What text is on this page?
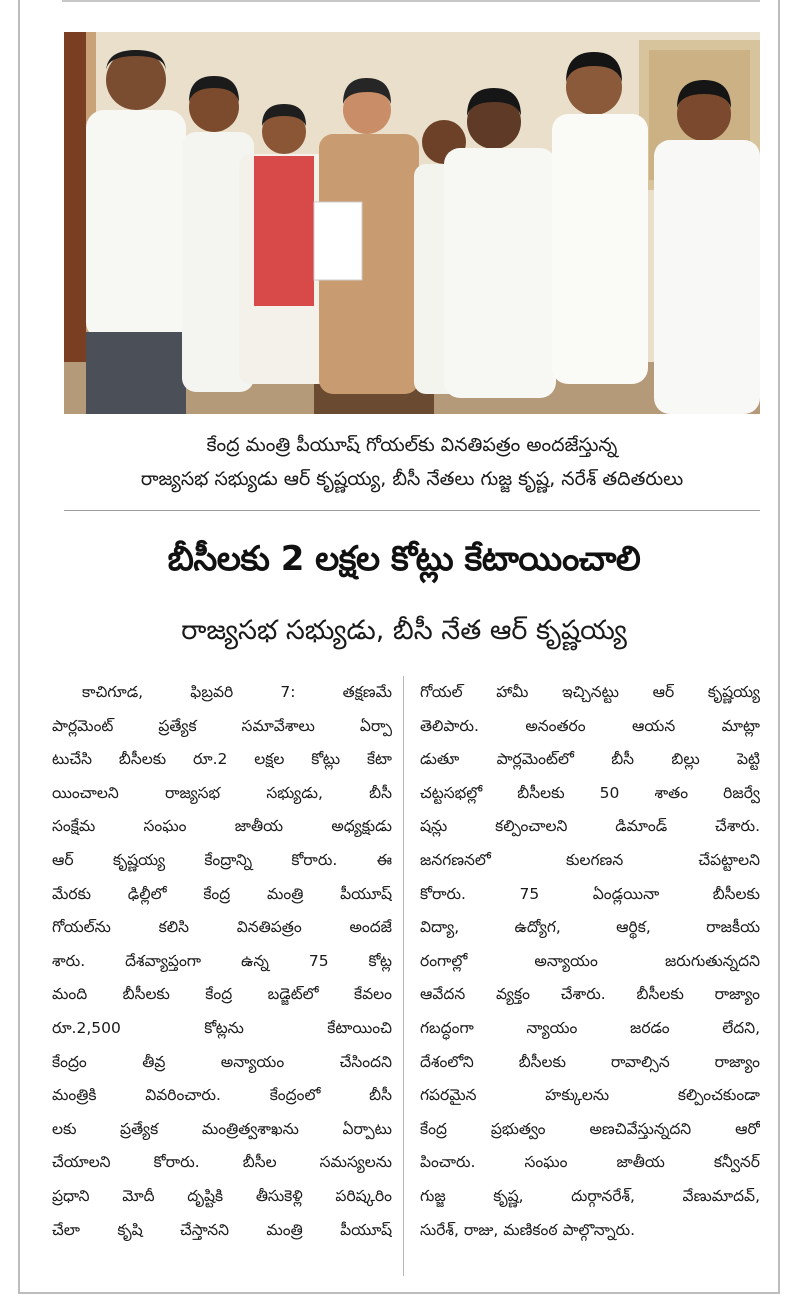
కేంద్ర మంత్రి పీయూష్ గోయల్‌కు వినతిపత్రం అందజేస్తున్న
రాజ్యసభ సభ్యుడు ఆర్ కృష్ణయ్య, బీసీ నేతలు గుజ్జ కృష్ణ, నరేశ్ తదితరులు
బీసీలకు 2 లక్షల కోట్లు కేటాయించాలి
రాజ్యసభ సభ్యుడు, బీసీ నేత ఆర్ కృష్ణయ్య
కాచిగూడ, ఫిబ్రవరి 7: తక్షణమే
పార్లమెంట్ ప్రత్యేక సమావేశాలు ఏర్పా
టుచేసి బీసీలకు రూ.2 లక్షల కోట్లు కేటా
యించాలని రాజ్యసభ సభ్యుడు, బీసీ
సంక్షేమ సంఘం జాతీయ అధ్యక్షుడు
ఆర్ కృష్ణయ్య కేంద్రాన్ని కోరారు. ఈ
మేరకు ఢిల్లీలో కేంద్ర మంత్రి పీయూష్
గోయల్‌ను కలిసి వినతిపత్రం అందజే
శారు. దేశవ్యాప్తంగా ఉన్న 75 కోట్ల
మంది బీసీలకు కేంద్ర బడ్జెట్‌లో కేవలం
రూ.2,500 కోట్లను కేటాయించి
కేంద్రం తీవ్ర అన్యాయం చేసిందని
మంత్రికి వివరించారు. కేంద్రంలో బీసీ
లకు ప్రత్యేక మంత్రిత్వశాఖను ఏర్పాటు
చేయాలని కోరారు. బీసీల సమస్యలను
ప్రధాని మోదీ దృష్టికి తీసుకెళ్లి పరిష్కరిం
చేలా కృషి చేస్తానని మంత్రి పీయూష్
గోయల్ హామీ ఇచ్చినట్టు ఆర్ కృష్ణయ్య
తెలిపారు. అనంతరం ఆయన మాట్లా
డుతూ పార్లమెంట్‌లో బీసీ బిల్లు పెట్టి
చట్టసభల్లో బీసీలకు 50 శాతం రిజర్వే
షన్లు కల్పించాలని డిమాండ్ చేశారు.
జనగణనలో కులగణన చేపట్టాలని
కోరారు. 75 ఏండ్లయినా బీసీలకు
విద్యా, ఉద్యోగ, ఆర్థిక, రాజకీయ
రంగాల్లో అన్యాయం జరుగుతున్నదని
ఆవేదన వ్యక్తం చేశారు. బీసీలకు రాజ్యాం
గబద్ధంగా న్యాయం జరడం లేదని,
దేశంలోని బీసీలకు రావాల్సిన రాజ్యాం
గపరమైన హక్కులను కల్పించకుండా
కేంద్ర ప్రభుత్వం అణచివేస్తున్నదని ఆరో
పించారు. సంఘం జాతీయ కన్వీనర్
గుజ్జ కృష్ణ, దుర్గానరేశ్, వేణుమాదవ్,
సురేశ్, రాజు, మణికంఠ పాల్గొన్నారు.
